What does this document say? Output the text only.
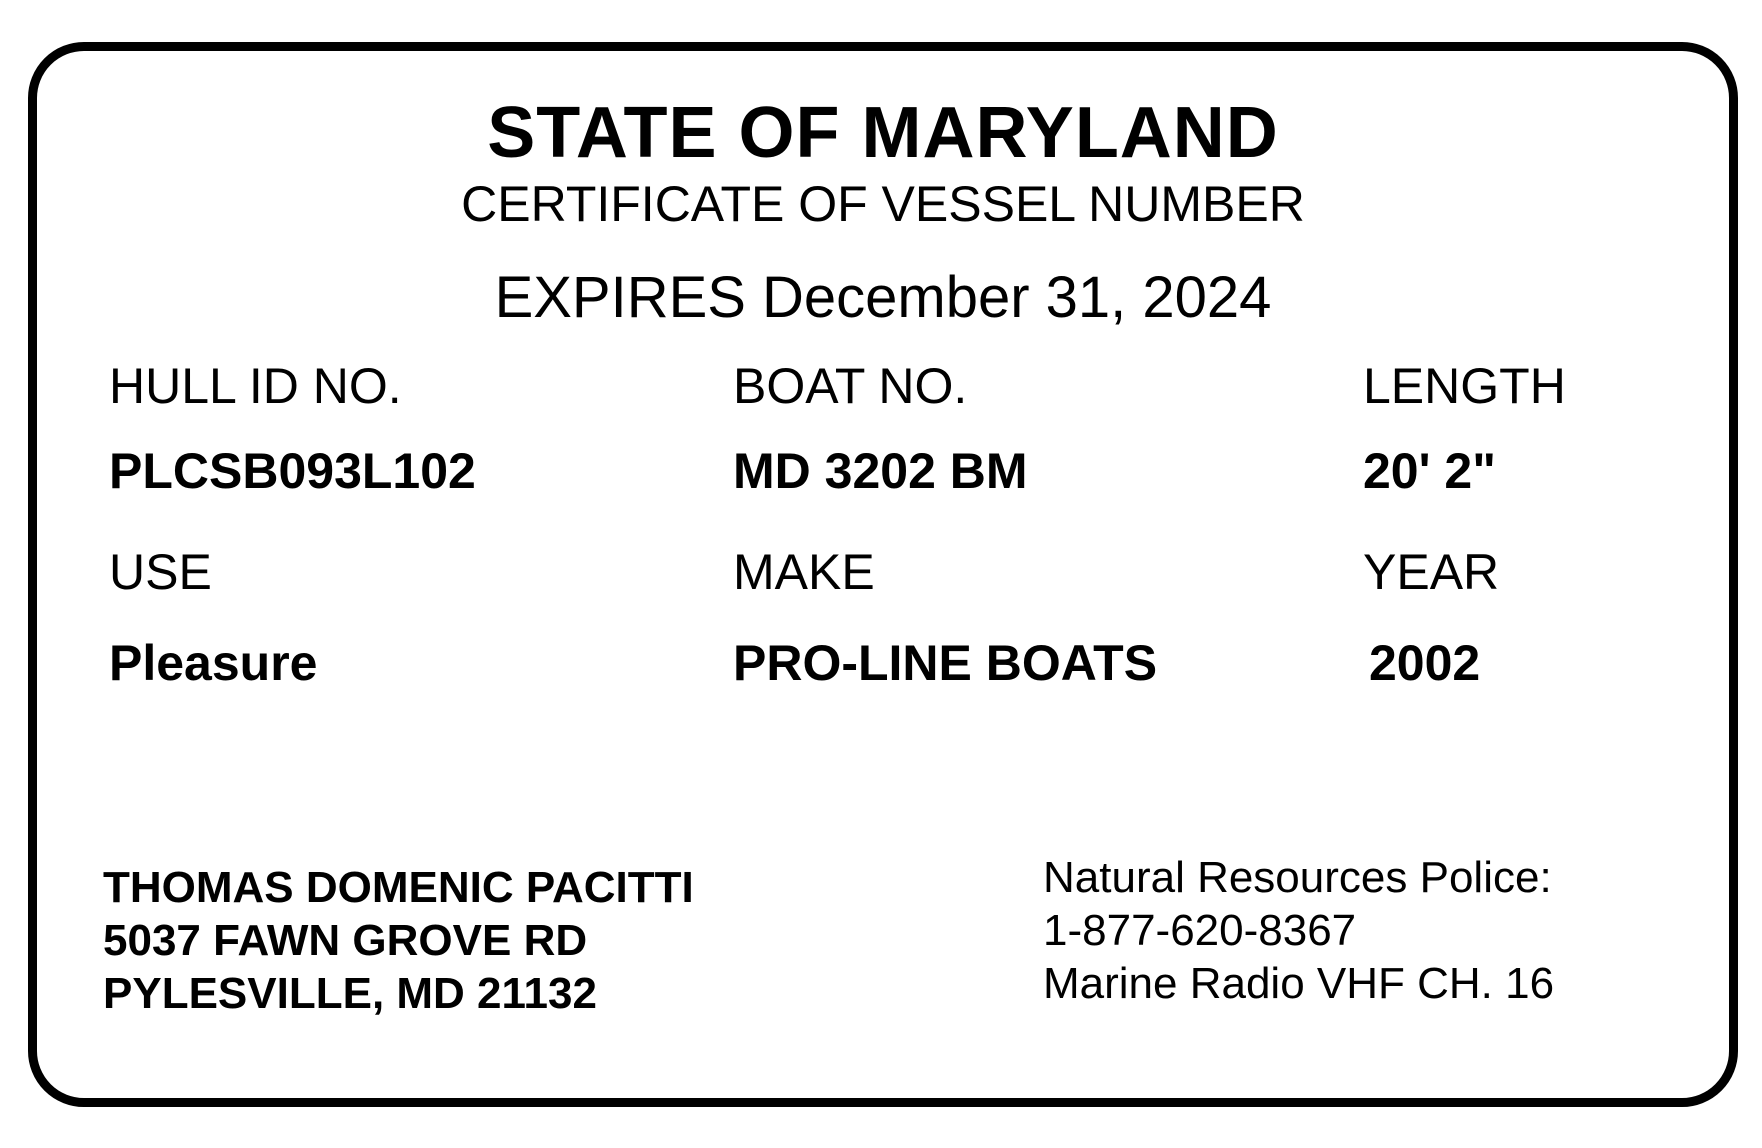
STATE OF MARYLAND
CERTIFICATE OF VESSEL NUMBER
EXPIRES December 31, 2024
HULL ID NO.
PLCSB093L102
BOAT NO.
MD 3202 BM
LENGTH
20' 2"
USE
Pleasure
MAKE
PRO-LINE BOATS
YEAR
2002
THOMAS DOMENIC PACITTI
5037 FAWN GROVE RD
PYLESVILLE, MD 21132
Natural Resources Police:
1-877-620-8367
Marine Radio VHF CH. 16
